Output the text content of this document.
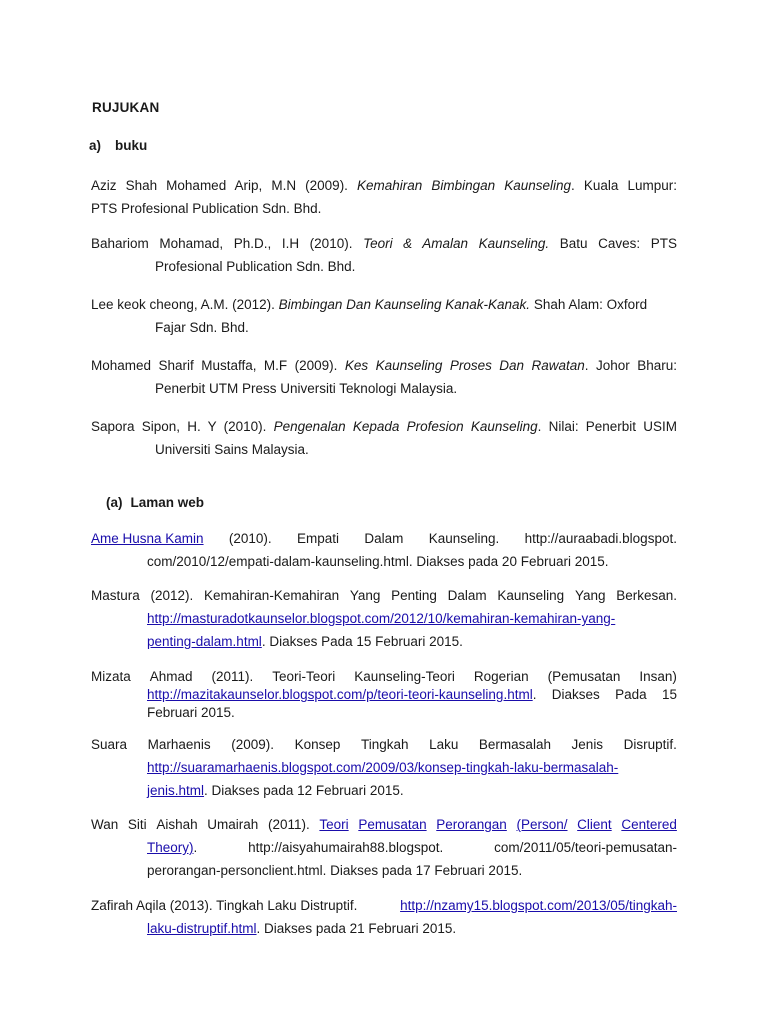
RUJUKAN
a) buku
Aziz Shah Mohamed Arip, M.N (2009). Kemahiran Bimbingan Kaunseling. Kuala Lumpur:
PTS Profesional Publication Sdn. Bhd.
Bahariom Mohamad, Ph.D., I.H (2010). Teori & Amalan Kaunseling. Batu Caves: PTS
Profesional Publication Sdn. Bhd.
Lee keok cheong, A.M. (2012). Bimbingan Dan Kaunseling Kanak-Kanak. Shah Alam: Oxford
Fajar Sdn. Bhd.
Mohamed Sharif Mustaffa, M.F (2009). Kes Kaunseling Proses Dan Rawatan. Johor Bharu:
Penerbit UTM Press Universiti Teknologi Malaysia.
Sapora Sipon, H. Y (2010). Pengenalan Kepada Profesion Kaunseling. Nilai: Penerbit USIM
Universiti Sains Malaysia.
(a) Laman web
Ame Husna Kamin (2010). Empati Dalam Kaunseling. http://auraabadi.blogspot.
com/2010/12/empati-dalam-kaunseling.html. Diakses pada 20 Februari 2015.
Mastura (2012). Kemahiran-Kemahiran Yang Penting Dalam Kaunseling Yang Berkesan.
http://masturadotkaunselor.blogspot.com/2012/10/kemahiran-kemahiran-yang-
penting-dalam.html. Diakses Pada 15 Februari 2015.
Mizata Ahmad (2011). Teori-Teori Kaunseling-Teori Rogerian (Pemusatan Insan)
http://mazitakaunselor.blogspot.com/p/teori-teori-kaunseling.html. Diakses Pada 15
Februari 2015.
Suara Marhaenis (2009). Konsep Tingkah Laku Bermasalah Jenis Disruptif.
http://suaramarhaenis.blogspot.com/2009/03/konsep-tingkah-laku-bermasalah-
jenis.html. Diakses pada 12 Februari 2015.
Wan Siti Aishah Umairah (2011). Teori Pemusatan Perorangan (Person/ Client Centered
Theory).	http://aisyahumairah88.blogspot.	com/2011/05/teori-pemusatan-
perorangan-personclient.html. Diakses pada 17 Februari 2015.
Zafirah Aqila (2013). Tingkah Laku Distruptif.	http://nzamy15.blogspot.com/2013/05/tingkah-
laku-distruptif.html. Diakses pada 21 Februari 2015.
